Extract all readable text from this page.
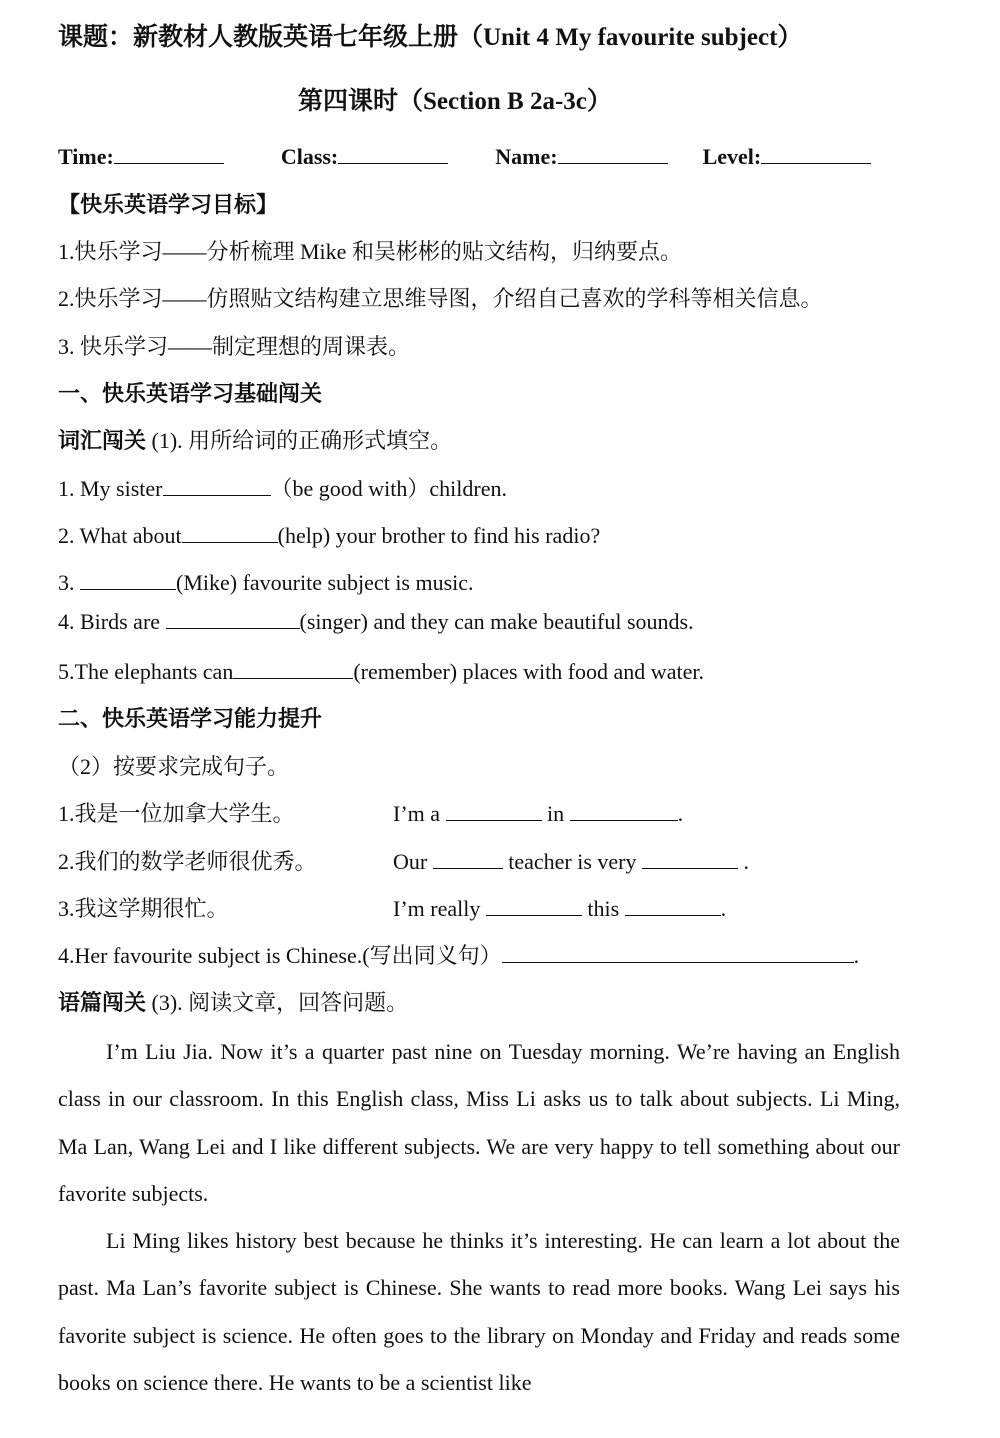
课题：新教材人教版英语七年级上册（Unit 4 My favourite subject）
第四课时（Section B 2a-3c）
Time:	Class:	Name:	Level:
【快乐英语学习目标】
1.快乐学习——分析梳理 Mike 和吴彬彬的贴文结构，归纳要点。
2.快乐学习——仿照贴文结构建立思维导图，介绍自己喜欢的学科等相关信息。
3. 快乐学习——制定理想的周课表。
一、快乐英语学习基础闯关
词汇闯关 (1). 用所给词的正确形式填空。
1. My sister	（be good with）children.
2. What about	(help) your brother to find his radio?
3.	(Mike) favourite subject is music.
4. Birds are	(singer) and they can make beautiful sounds.
5.The elephants can	(remember) places with food and water.
二、快乐英语学习能力提升
（2）按要求完成句子。
1.我是一位加拿大学生。	I’m a	in	.
2.我们的数学老师很优秀。	Our	teacher is very	.
3.我这学期很忙。	I’m really	this	.
4.Her favourite subject is Chinese.(写出同义句）	.
语篇闯关 (3). 阅读文章，回答问题。
I’m Liu Jia. Now it’s a quarter past nine on Tuesday morning. We’re having an English class in our classroom. In this English class, Miss Li asks us to talk about subjects. Li Ming, Ma Lan, Wang Lei and I like different subjects. We are very happy to tell something about our favorite subjects.
Li Ming likes history best because he thinks it’s interesting. He can learn a lot about the past. Ma Lan’s favorite subject is Chinese. She wants to read more books. Wang Lei says his favorite subject is science. He often goes to the library on Monday and Friday and reads some books on science there. He wants to be a scientist like
